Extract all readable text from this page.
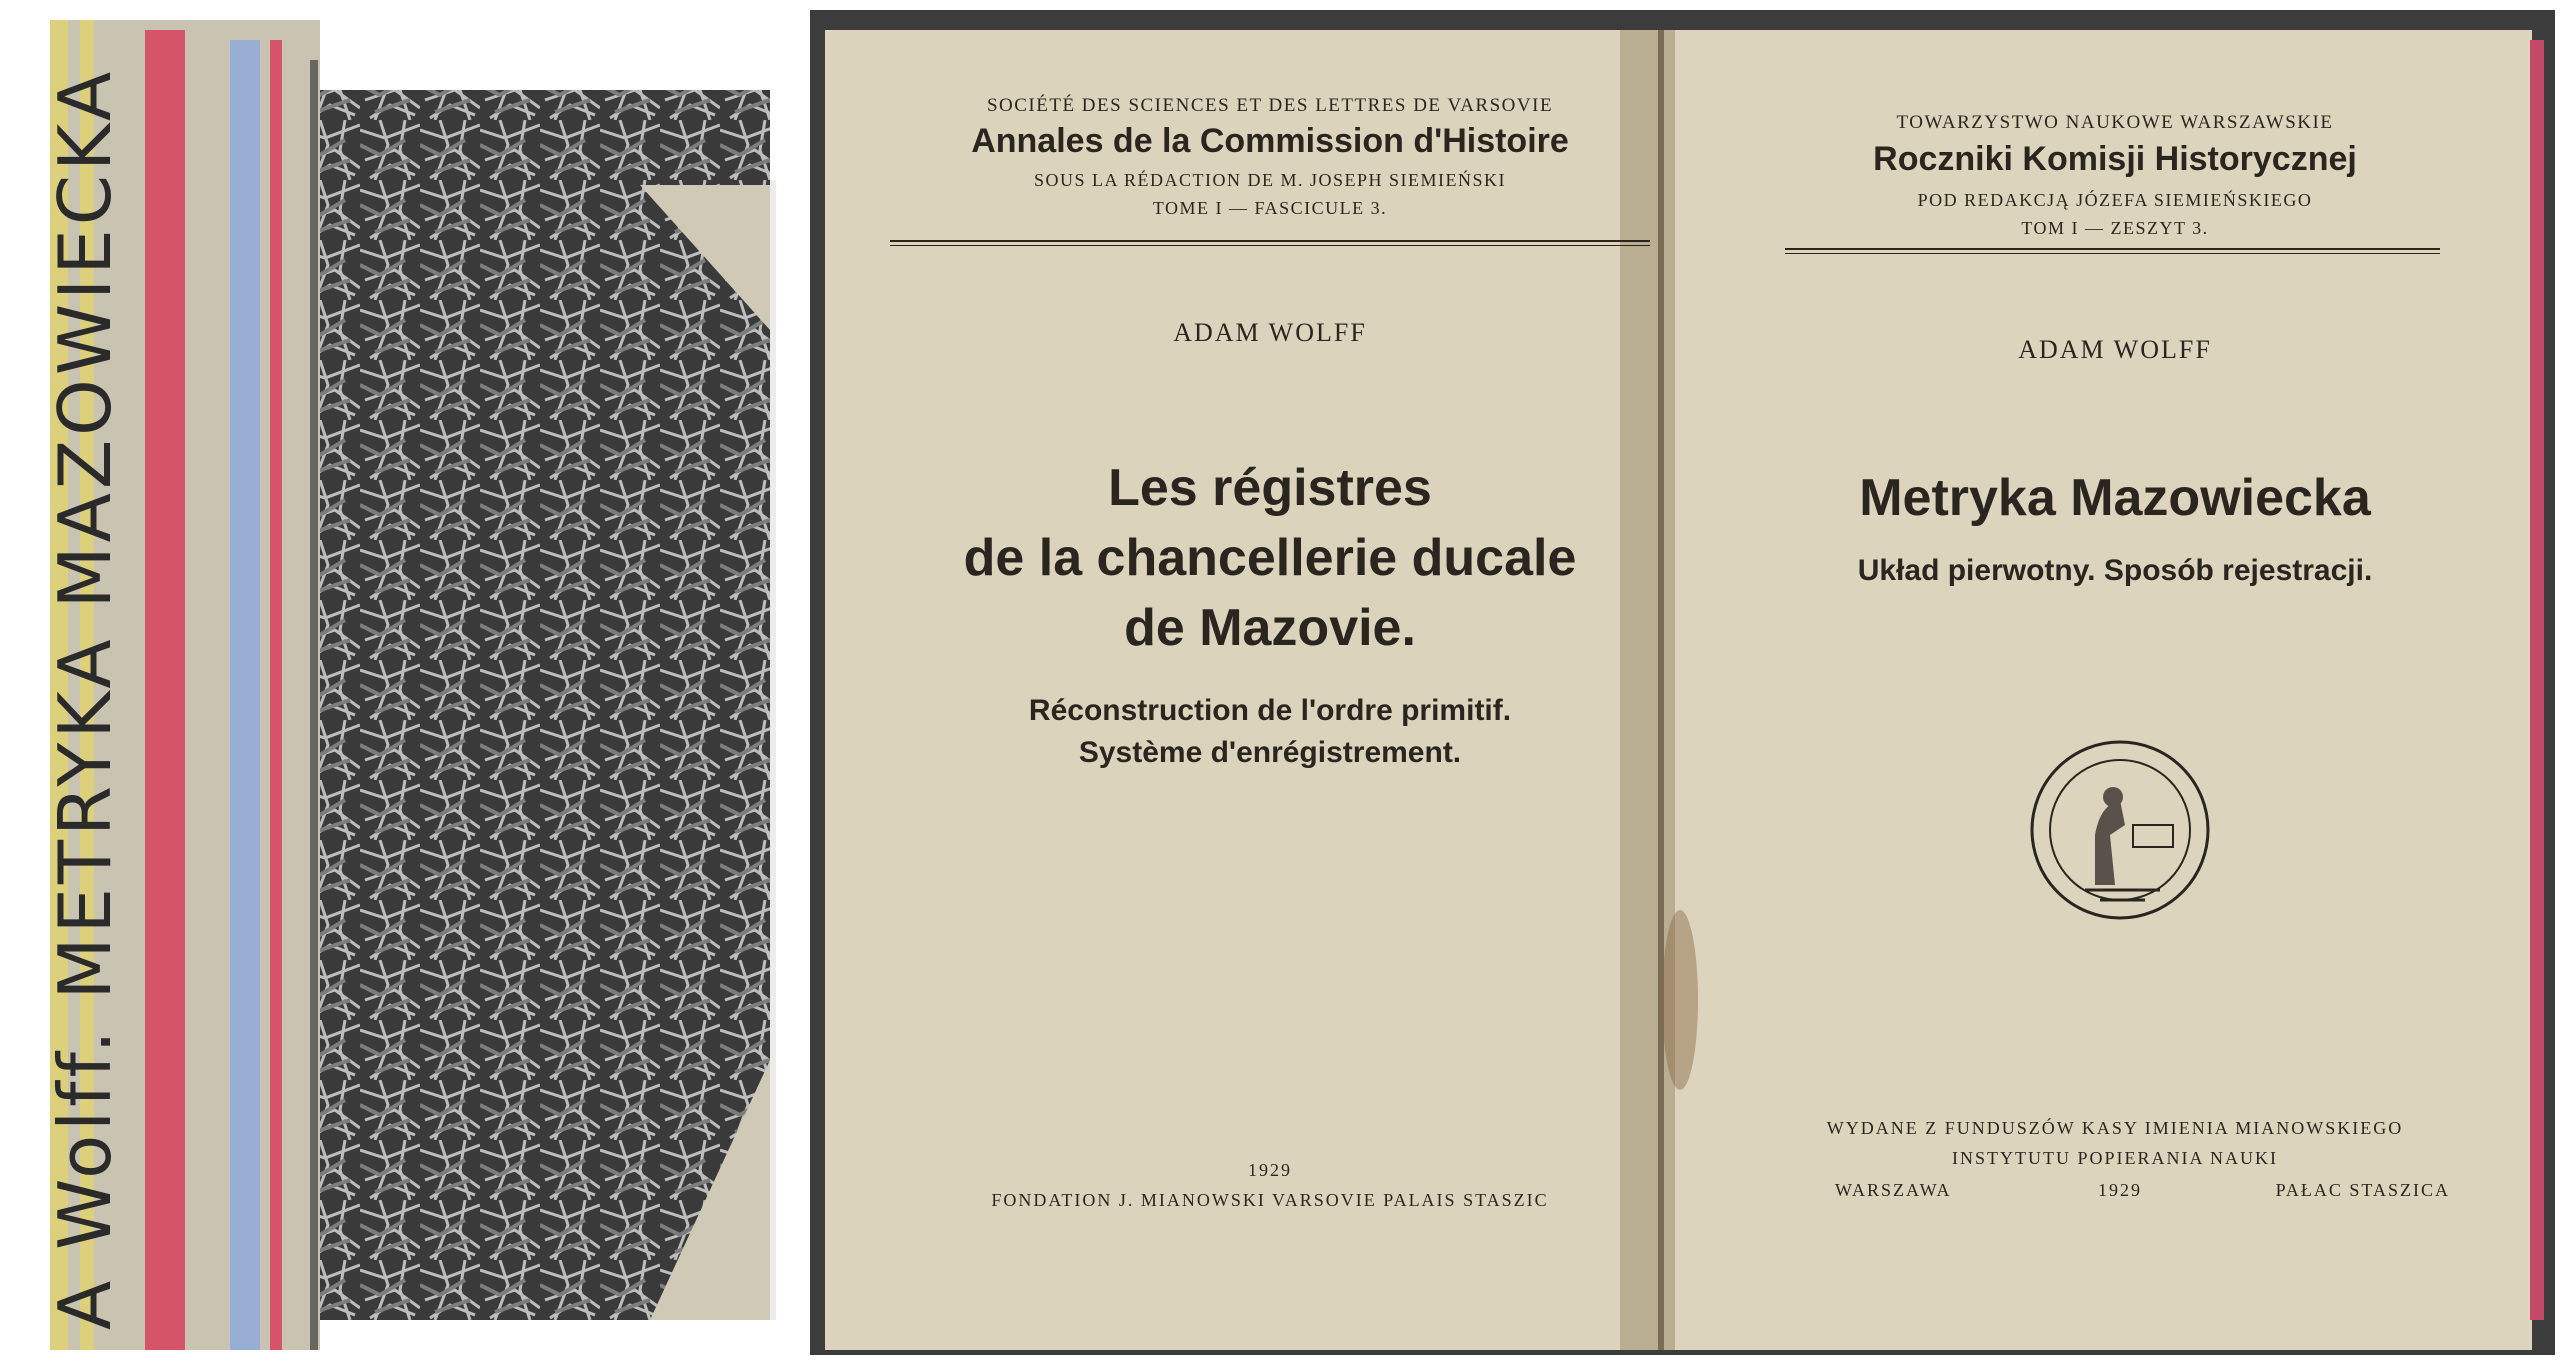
A Wolff. METRYKA MAZOWIECKA	SOCIÉTÉ DES SCIENCES ET DES LETTRES DE VARSOVIE
Annales de la Commission d'Histoire
SOUS LA RÉDACTION DE M. JOSEPH SIEMIEŃSKI
TOME I — FASCICULE 3.
ADAM WOLFF
Les régistres
de la chancellerie ducale
de Mazovie.
Réconstruction de l'ordre primitif.
Système d'enrégistrement.
1929
FONDATION J. MIANOWSKI VARSOVIE PALAIS STASZIC
TOWARZYSTWO NAUKOWE WARSZAWSKIE
Roczniki Komisji Historycznej
POD REDAKCJĄ JÓZEFA SIEMIEŃSKIEGO
TOM I — ZESZYT 3.
ADAM WOLFF
Metryka Mazowiecka
Układ pierwotny. Sposób rejestracji.
WYDANE Z FUNDUSZÓW KASY IMIENIA MIANOWSKIEGO
INSTYTUTU POPIERANIA NAUKI
WARSZAWA	1929	PAŁAC STASZICA
